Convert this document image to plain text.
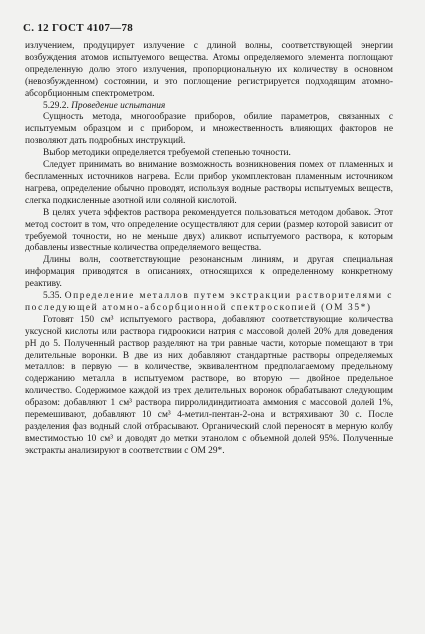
С. 12 ГОСТ 4107—78

излучением, продуцирует излучение с длиной волны, соответствующей энергии возбуждения атомов испытуемого вещества. Атомы определяемого элемента поглощают определенную долю этого излучения, пропорциональную их количеству в основном (невозбужденном) состоянии, и это поглощение регистрируется подходящим атомно-абсорбционным спектрометром.

5.29.2. Проведение испытания

Сущность метода, многообразие приборов, обилие параметров, связанных с испытуемым образцом и с прибором, и множественность влияющих факторов не позволяют дать подробных инструкций.

Выбор методики определяется требуемой степенью точности.

Следует принимать во внимание возможность возникновения помех от пламенных и беспламенных источников нагрева. Если прибор укомплектован пламенным источником нагрева, определение обычно проводят, используя водные растворы испытуемых веществ, слегка подкисленные азотной или соляной кислотой.

В целях учета эффектов раствора рекомендуется пользоваться методом добавок. Этот метод состоит в том, что определение осуществляют для серии (размер которой зависит от требуемой точности, но не меньше двух) аликвот испытуемого раствора, к которым добавлены известные количества определяемого вещества.

Длины волн, соответствующие резонансным линиям, и другая специальная информация приводятся в описаниях, относящихся к определенному конкретному реактиву.

5.35. Определение металлов путем экстракции растворителями с последующей атомно-абсорбционной спектроскопией (ОМ 35*)

Готовят 150 см³ испытуемого раствора, добавляют соответствующие количества уксусной кислоты или раствора гидроокиси натрия с массовой долей 20% для доведения рН до 5. Полученный раствор разделяют на три равные части, которые помещают в три делительные воронки. В две из них добавляют стандартные растворы определяемых металлов: в первую — в количестве, эквивалентном предполагаемому предельному содержанию металла в испытуемом растворе, во вторую — двойное предельное количество. Содержимое каждой из трех делительных воронок обрабатывают следующим образом: добавляют 1 см³ раствора пирролидиндитиоата аммония с массовой долей 1%, перемешивают, добавляют 10 см³ 4-метил-пентан-2-она и встряхивают 30 с. После разделения фаз водный слой отбрасывают. Органический слой переносят в мерную колбу вместимостью 10 см³ и доводят до метки этанолом с объемной долей 95%. Полученные экстракты анализируют в соответствии с ОМ 29*.
